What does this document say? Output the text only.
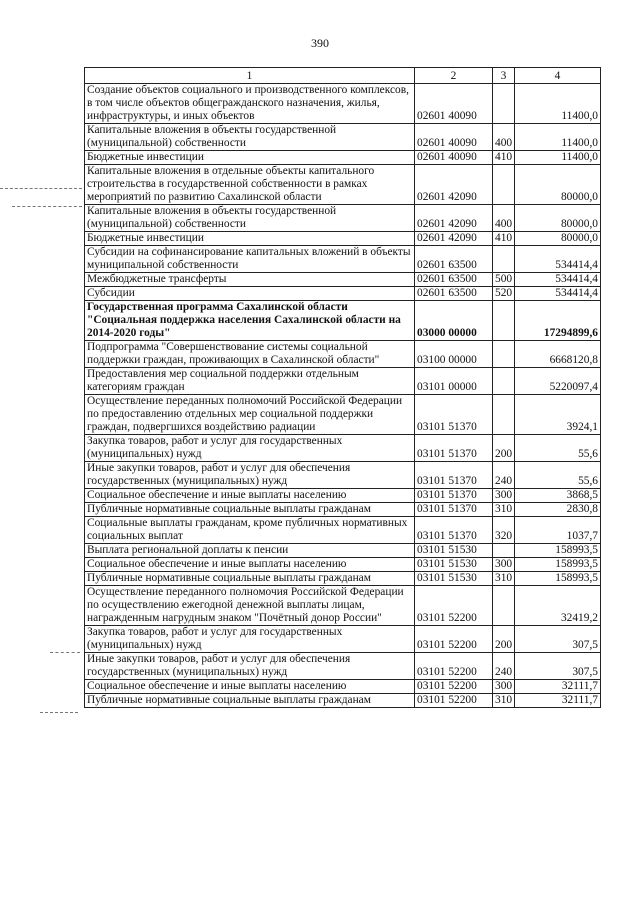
390
1	2	3	4
Создание объектов социального и производственного комплексов, в том числе объектов общегражданского назначения, жилья, инфраструктуры, и иных объектов	02601 40090		11400,0
Капитальные вложения в объекты государственной (муниципальной) собственности	02601 40090	400	11400,0
Бюджетные инвестиции	02601 40090	410	11400,0
Капитальные вложения в отдельные объекты капитального строительства в государственной собственности в рамках мероприятий по развитию Сахалинской области	02601 42090		80000,0
Капитальные вложения в объекты государственной (муниципальной) собственности	02601 42090	400	80000,0
Бюджетные инвестиции	02601 42090	410	80000,0
Субсидии на софинансирование капитальных вложений в объекты муниципальной собственности	02601 63500		534414,4
Межбюджетные трансферты	02601 63500	500	534414,4
Субсидии	02601 63500	520	534414,4
Государственная программа Сахалинской области "Социальная поддержка населения Сахалинской области на 2014-2020 годы"	03000 00000		17294899,6
Подпрограмма "Совершенствование системы социальной поддержки граждан, проживающих в Сахалинской области"	03100 00000		6668120,8
Предоставления мер социальной поддержки отдельным категориям граждан	03101 00000		5220097,4
Осуществление переданных полномочий Российской Федерации по предоставлению отдельных мер социальной поддержки граждан, подвергшихся воздействию радиации	03101 51370		3924,1
Закупка товаров, работ и услуг для государственных (муниципальных) нужд	03101 51370	200	55,6
Иные закупки товаров, работ и услуг для обеспечения государственных (муниципальных) нужд	03101 51370	240	55,6
Социальное обеспечение и иные выплаты населению	03101 51370	300	3868,5
Публичные нормативные социальные выплаты гражданам	03101 51370	310	2830,8
Социальные выплаты гражданам, кроме публичных нормативных социальных выплат	03101 51370	320	1037,7
Выплата региональной доплаты к пенсии	03101 51530		158993,5
Социальное обеспечение и иные выплаты населению	03101 51530	300	158993,5
Публичные нормативные социальные выплаты гражданам	03101 51530	310	158993,5
Осуществление переданного полномочия Российской Федерации по осуществлению ежегодной денежной выплаты лицам, награжденным нагрудным знаком "Почётный донор России"	03101 52200		32419,2
Закупка товаров, работ и услуг для государственных (муниципальных) нужд	03101 52200	200	307,5
Иные закупки товаров, работ и услуг для обеспечения государственных (муниципальных) нужд	03101 52200	240	307,5
Социальное обеспечение и иные выплаты населению	03101 52200	300	32111,7
Публичные нормативные социальные выплаты гражданам	03101 52200	310	32111,7
